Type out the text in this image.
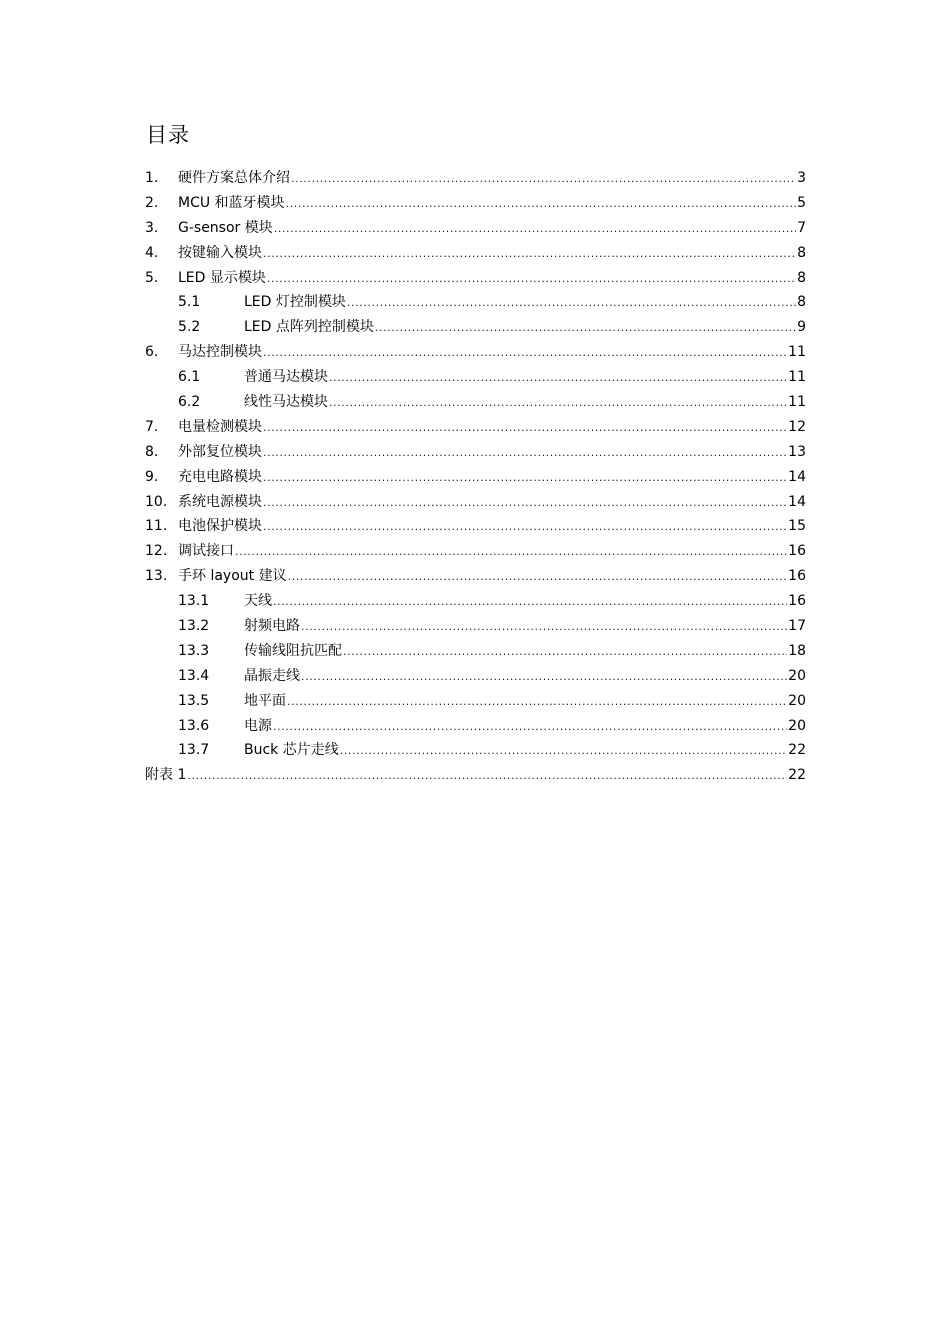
目录
1.	硬件方案总体介绍 .....	3
2.	MCU 和蓝牙模块 .....	5
3.	G-sensor 模块 .....	7
4.	按键输入模块 .....	8
5.	LED 显示模块 .....	8
5.1	LED 灯控制模块 .....	8
5.2	LED 点阵列控制模块 .....	9
6.	马达控制模块 .....	11
6.1	普通马达模块 .....	11
6.2	线性马达模块 .....	11
7.	电量检测模块 .....	12
8.	外部复位模块 .....	13
9.	充电电路模块 .....	14
10. 系统电源模块 .....	14
11. 电池保护模块 .....	15
12. 调试接口 .....	16
13. 手环 layout 建议 .....	16
13.1	天线 .....	16
13.2	射频电路 .....	17
13.3	传输线阻抗匹配 .....	18
13.4	晶振走线 .....	20
13.5	地平面 .....	20
13.6	电源 .....	20
13.7	Buck 芯片走线 .....	22
附表 1 .....	22
